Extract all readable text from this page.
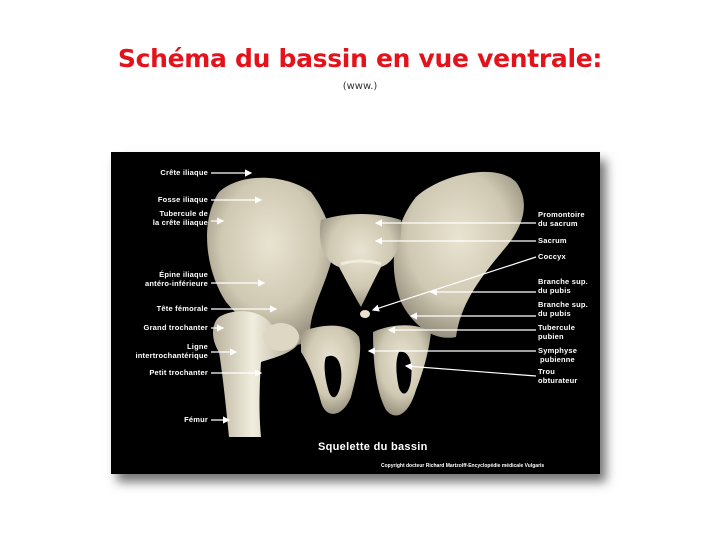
Schéma du bassin en vue ventrale:
(www.)
Crête iliaque
Fosse iliaque
Tubercule de
la crête iliaque
Épine iliaque
antéro-inférieure
Tête fémorale
Grand trochanter
Ligne
intertrochantérique
Petit trochanter
Fémur
Promontoire
du sacrum
Sacrum
Coccyx
Branche sup.
du pubis
Branche sup.
du pubis
Tubercule
pubien
Symphyse
pubienne
Trou
obturateur
Squelette du bassin
Copyright docteur Richard Martzolff-Encyclopédie médicale Vulgaris
